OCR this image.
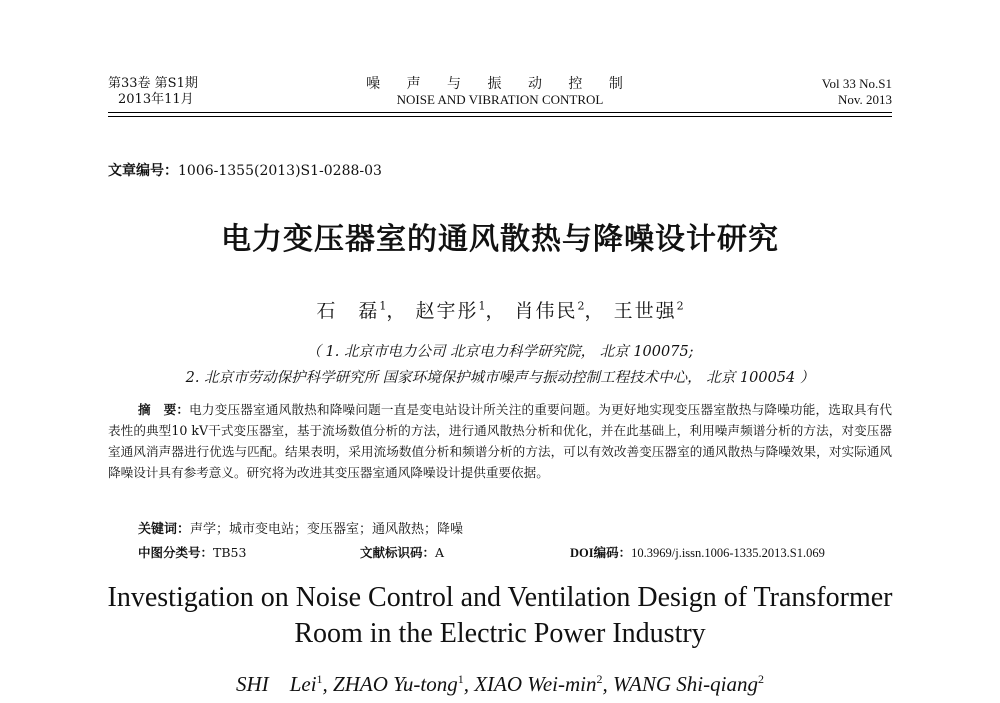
第33卷 第S1期
2013年11月
噪 声 与 振 动 控 制
NOISE AND VIBRATION CONTROL
Vol 33 No.S1
Nov. 2013
文章编号：1006-1355(2013)S1-0288-03
电力变压器室的通风散热与降噪设计研究
石　磊$^1$， 赵宇彤$^1$， 肖伟民$^2$， 王世强$^2$
（ 1. 北京市电力公司 北京电力科学研究院， 北京 100075;
2. 北京市劳动保护科学研究所 国家环境保护城市噪声与振动控制工程技术中心， 北京 100054 ）
摘　要：电力变压器室通风散热和降噪问题一直是变电站设计所关注的重要问题。为更好地实现变压器室散热与降噪功能，选取具有代表性的典型10 kV干式变压器室，基于流场数值分析的方法，进行通风散热分析和优化，并在此基础上，利用噪声频谱分析的方法，对变压器室通风消声器进行优选与匹配。结果表明，采用流场数值分析和频谱分析的方法，可以有效改善变压器室的通风散热与降噪效果，对实际通风降噪设计具有参考意义。研究将为改进其变压器室通风降噪设计提供重要依据。
关键词：声学；城市变电站；变压器室；通风散热；降噪
中图分类号：TB53	文献标识码：A	DOI编码：10.3969/j.issn.1006-1335.2013.S1.069
Investigation on Noise Control and Ventilation Design of Transformer
Room in the Electric Power Industry
SHI　Lei$^1$, ZHAO Yu-tong$^1$, XIAO Wei-$\min^2$, WANG Shi-qiang$^2$
